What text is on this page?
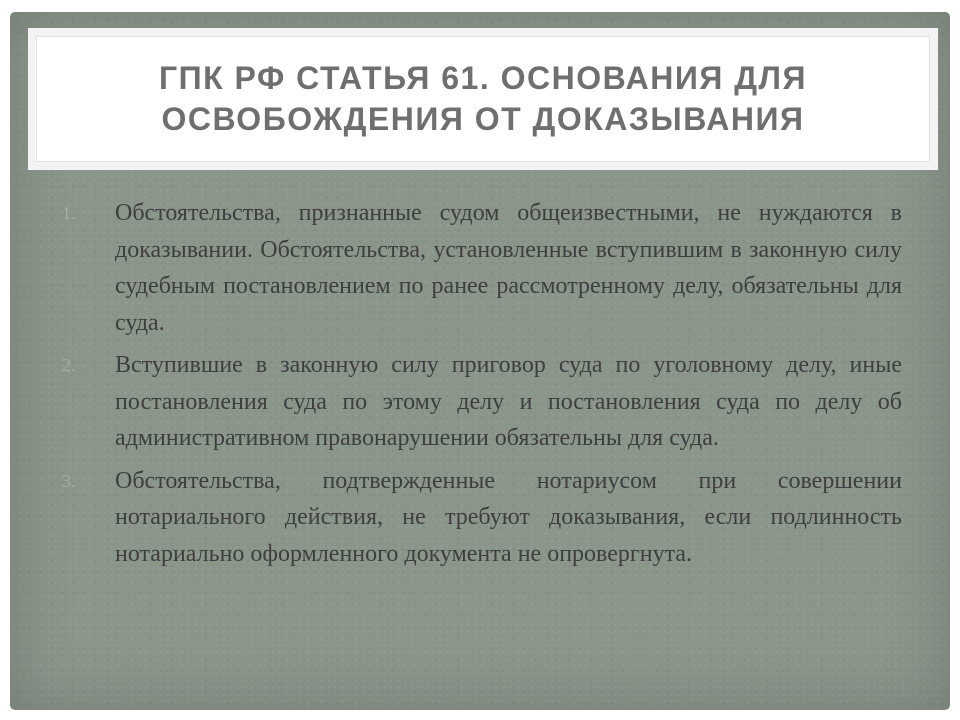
ГПК РФ СТАТЬЯ 61. ОСНОВАНИЯ ДЛЯ
ОСВОБОЖДЕНИЯ ОТ ДОКАЗЫВАНИЯ
1.	Обстоятельства, признанные судом общеизвестными, не нуждаются в доказывании. Обстоятельства, установленные вступившим в законную силу судебным постановлением по ранее рассмотренному делу, обязательны для суда.

2.	Вступившие в законную силу приговор суда по уголовному делу, иные постановления суда по этому делу и постановления суда по делу об административном правонарушении обязательны для суда.

3.	Обстоятельства, подтвержденные нотариусом при совершении нотариального действия, не требуют доказывания, если подлинность нотариально оформленного документа не опровергнута.
